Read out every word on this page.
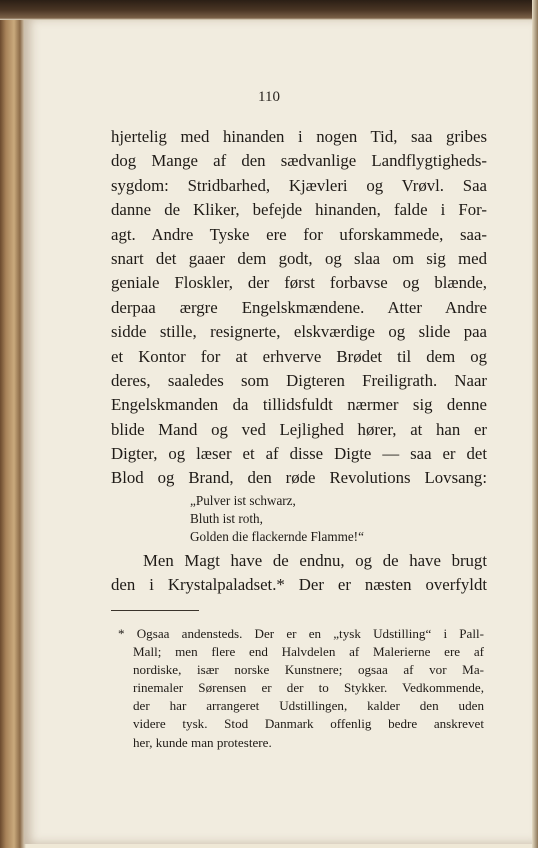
110
hjertelig med hinanden i nogen Tid, saa gribes
dog Mange af den sædvanlige Landflygtigheds-
sygdom: Stridbarhed, Kjævleri og Vrøvl. Saa
danne de Kliker, befejde hinanden, falde i For-
agt. Andre Tyske ere for uforskammede, saa-
snart det gaaer dem godt, og slaa om sig med
geniale Floskler, der først forbavse og blænde,
derpaa ærgre Engelskmændene. Atter Andre
sidde stille, resignerte, elskværdige og slide paa
et Kontor for at erhverve Brødet til dem og
deres, saaledes som Digteren Freiligrath. Naar
Engelskmanden da tillidsfuldt nærmer sig denne
blide Mand og ved Lejlighed hører, at han er
Digter, og læser et af disse Digte — saa er det
Blod og Brand, den røde Revolutions Lovsang:
„Pulver ist schwarz,
Bluth ist roth,
Golden die flackernde Flamme!“
Men Magt have de endnu, og de have brugt
den i Krystalpaladset.* Der er næsten overfyldt
* Ogsaa andensteds. Der er en „tysk Udstilling“ i Pall-
Mall; men flere end Halvdelen af Malerierne ere af
nordiske, især norske Kunstnere; ogsaa af vor Ma-
rinemaler Sørensen er der to Stykker. Vedkommende,
der har arrangeret Udstillingen, kalder den uden
videre tysk. Stod Danmark offenlig bedre anskrevet
her, kunde man protestere.
